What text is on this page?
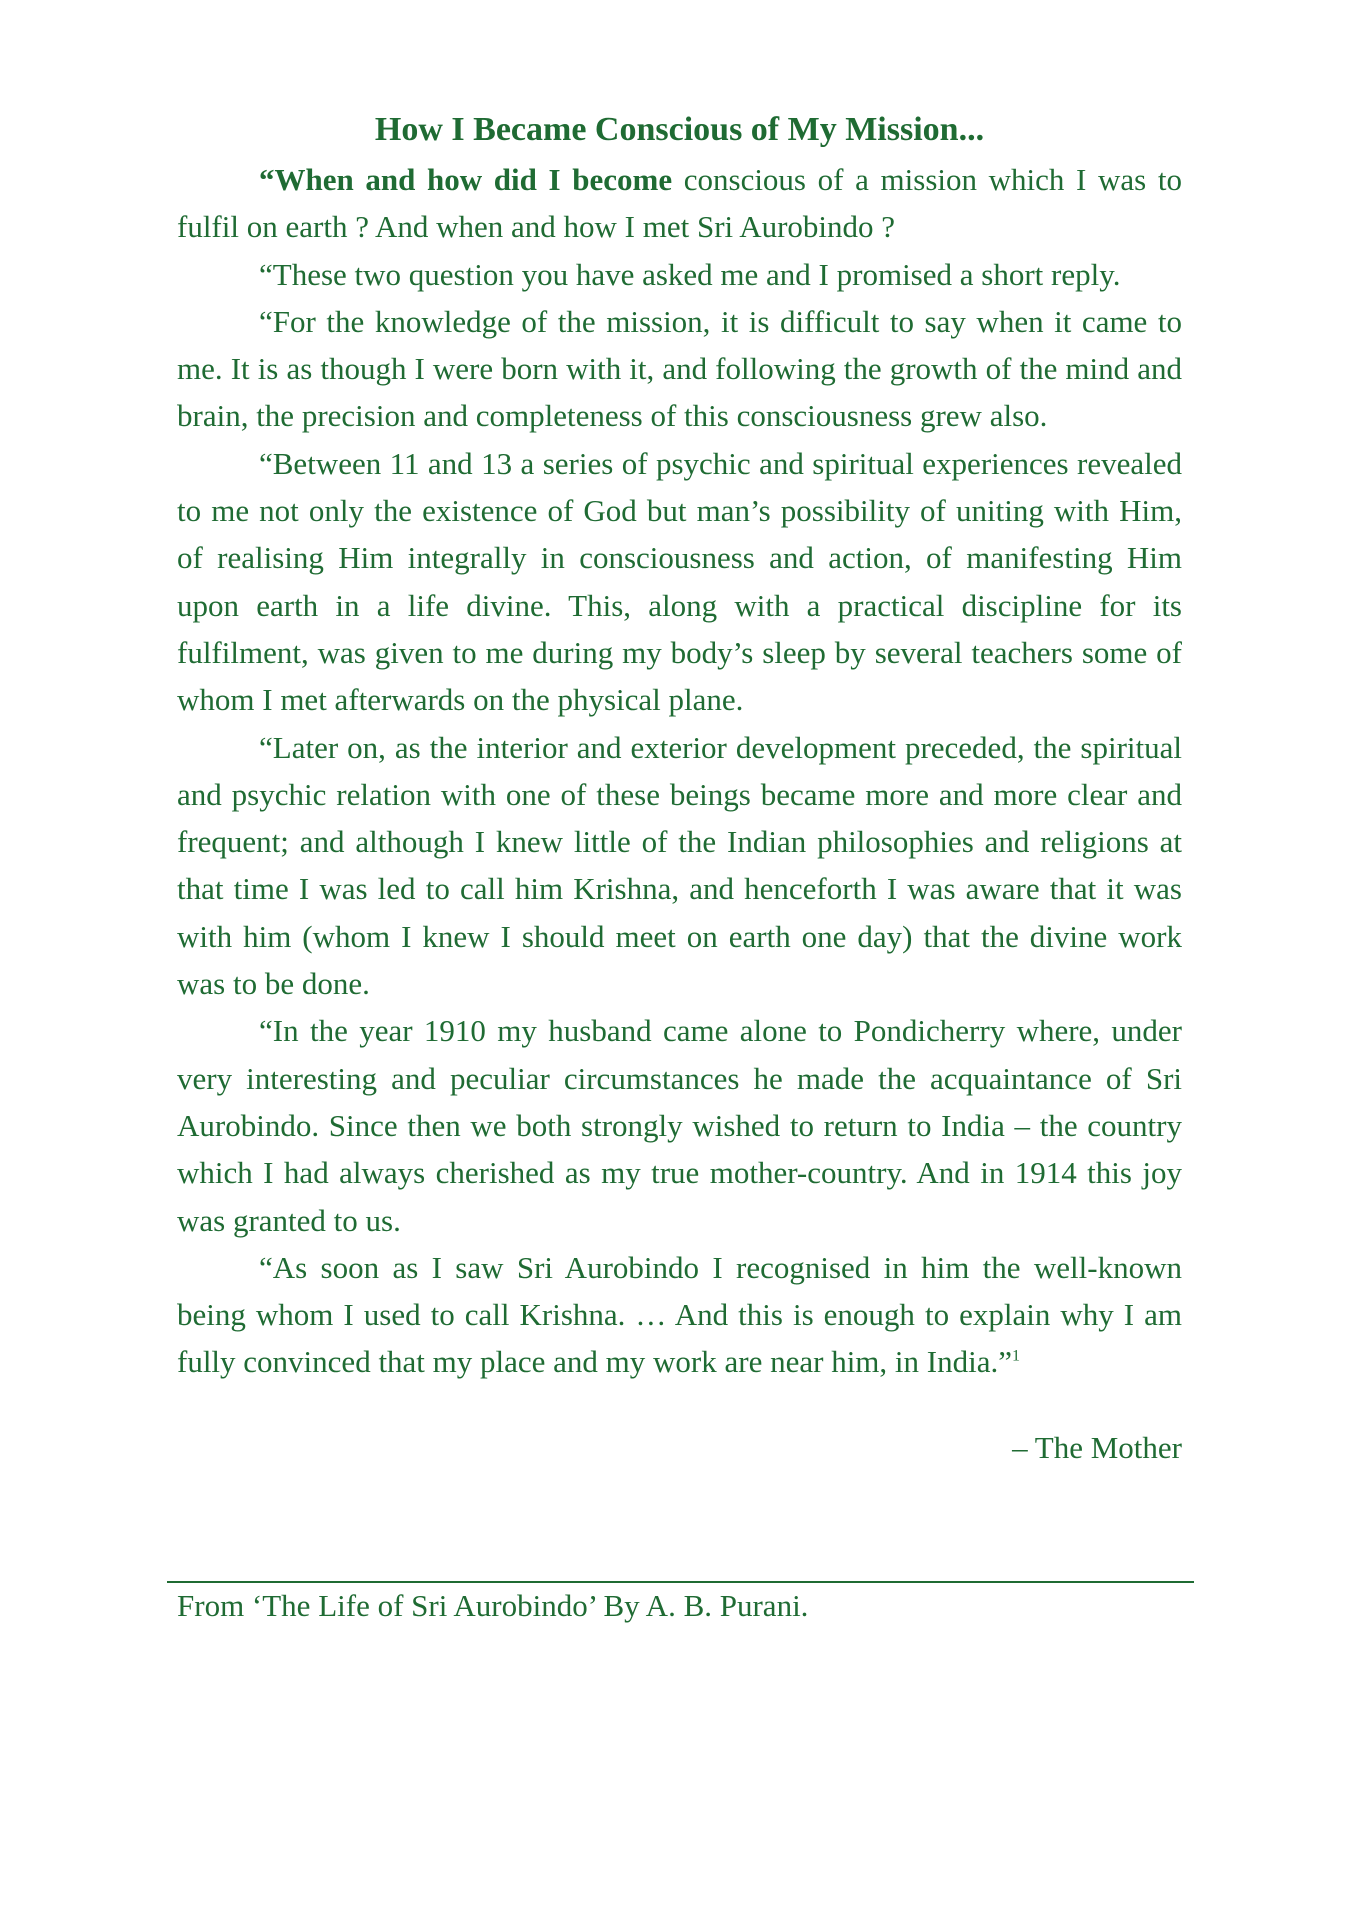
How I Became Conscious of My Mission...

“When and how did I become conscious of a mission which I was to fulfil on earth ? And when and how I met Sri Aurobindo ?

“These two question you have asked me and I promised a short reply.

“For the knowledge of the mission, it is difficult to say when it came to me. It is as though I were born with it, and following the growth of the mind and brain, the precision and completeness of this consciousness grew also.

“Between 11 and 13 a series of psychic and spiritual experiences revealed to me not only the existence of God but man’s possibility of uniting with Him, of realising Him integrally in consciousness and action, of manifesting Him upon earth in a life divine. This, along with a practical discipline for its fulfilment, was given to me during my body’s sleep by several teachers some of whom I met afterwards on the physical plane.

“Later on, as the interior and exterior development preceded, the spiritual and psychic relation with one of these beings became more and more clear and frequent; and although I knew little of the Indian philosophies and religions at that time I was led to call him Krishna, and henceforth I was aware that it was with him (whom I knew I should meet on earth one day) that the divine work was to be done.

“In the year 1910 my husband came alone to Pondicherry where, under very interesting and peculiar circumstances he made the acquaintance of Sri Aurobindo. Since then we both strongly wished to return to India – the country which I had always cherished as my true mother-country. And in 1914 this joy was granted to us.

“As soon as I saw Sri Aurobindo I recognised in him the well-known being whom I used to call Krishna. … And this is enough to explain why I am fully convinced that my place and my work are near him, in India.”$^1$

– The Mother
From ‘The Life of Sri Aurobindo’ By A. B. Purani.
